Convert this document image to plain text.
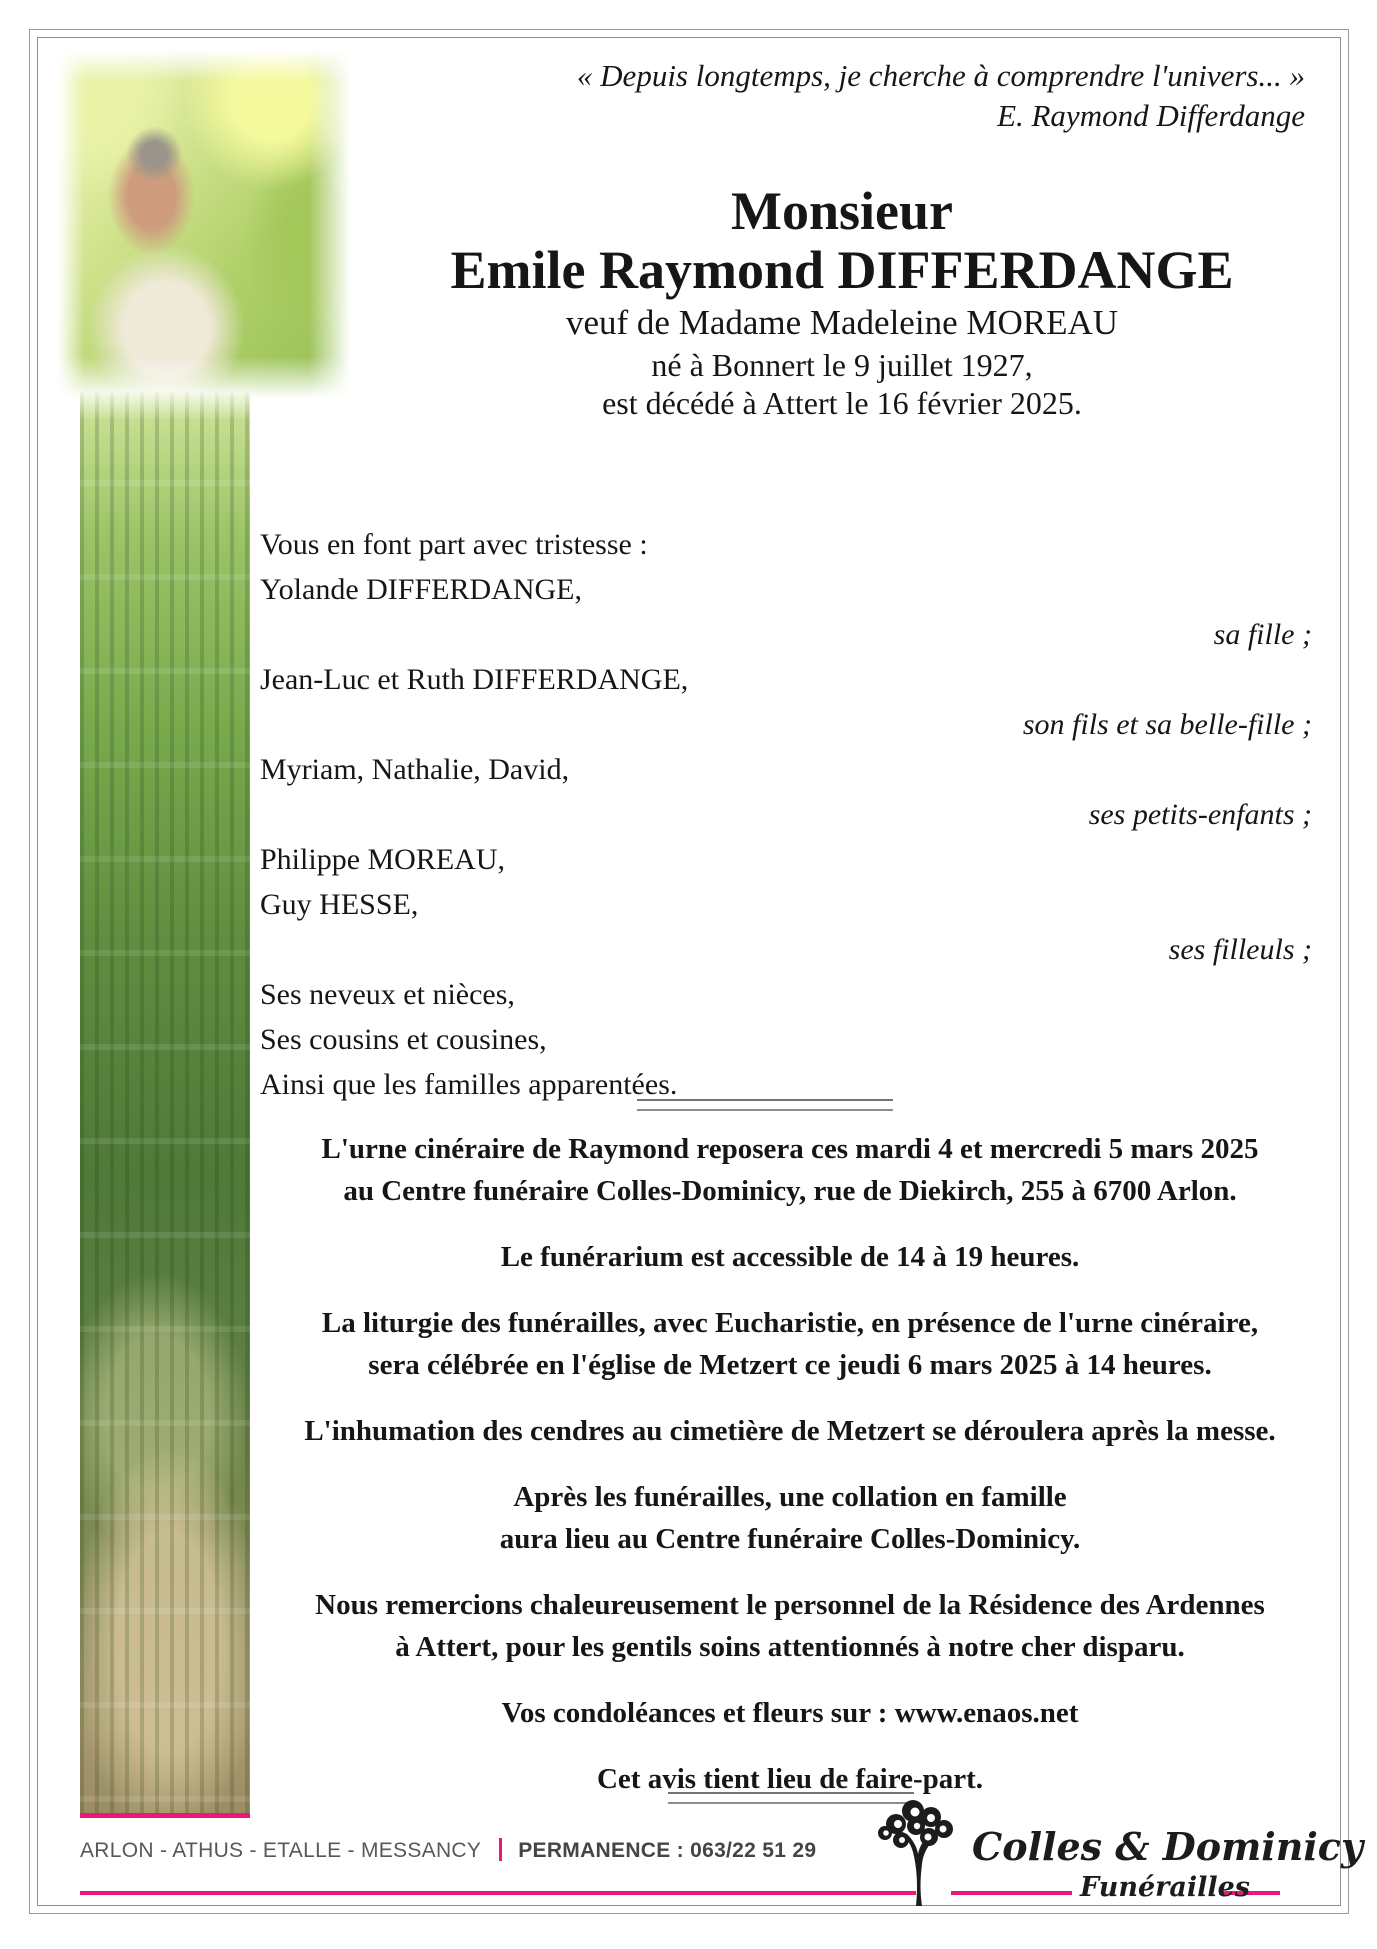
« Depuis longtemps, je cherche à comprendre l'univers... »
E. Raymond Differdange
Monsieur
Emile Raymond DIFFERDANGE
veuf de Madame Madeleine MOREAU
né à Bonnert le 9 juillet 1927,
est décédé à Attert le 16 février 2025.
Vous en font part avec tristesse :
Yolande DIFFERDANGE,
sa fille ;
Jean-Luc et Ruth DIFFERDANGE,
son fils et sa belle-fille ;
Myriam, Nathalie, David,
ses petits-enfants ;
Philippe MOREAU,
Guy HESSE,
ses filleuls ;
Ses neveux et nièces,
Ses cousins et cousines,
Ainsi que les familles apparentées.

L'urne cinéraire de Raymond reposera ces mardi 4 et mercredi 5 mars 2025
au Centre funéraire Colles-Dominicy, rue de Diekirch, 255 à 6700 Arlon.

Le funérarium est accessible de 14 à 19 heures.

La liturgie des funérailles, avec Eucharistie, en présence de l'urne cinéraire,
sera célébrée en l'église de Metzert ce jeudi 6 mars 2025 à 14 heures.

L'inhumation des cendres au cimetière de Metzert se déroulera après la messe.

Après les funérailles, une collation en famille
aura lieu au Centre funéraire Colles-Dominicy.

Nous remercions chaleureusement le personnel de la Résidence des Ardennes
à Attert, pour les gentils soins attentionnés à notre cher disparu.

Vos condoléances et fleurs sur : www.enaos.net

Cet avis tient lieu de faire-part.

ARLON - ATHUS - ETALLE - MESSANCY PERMANENCE : 063/22 51 29	Colles & Dominicy
Funérailles
